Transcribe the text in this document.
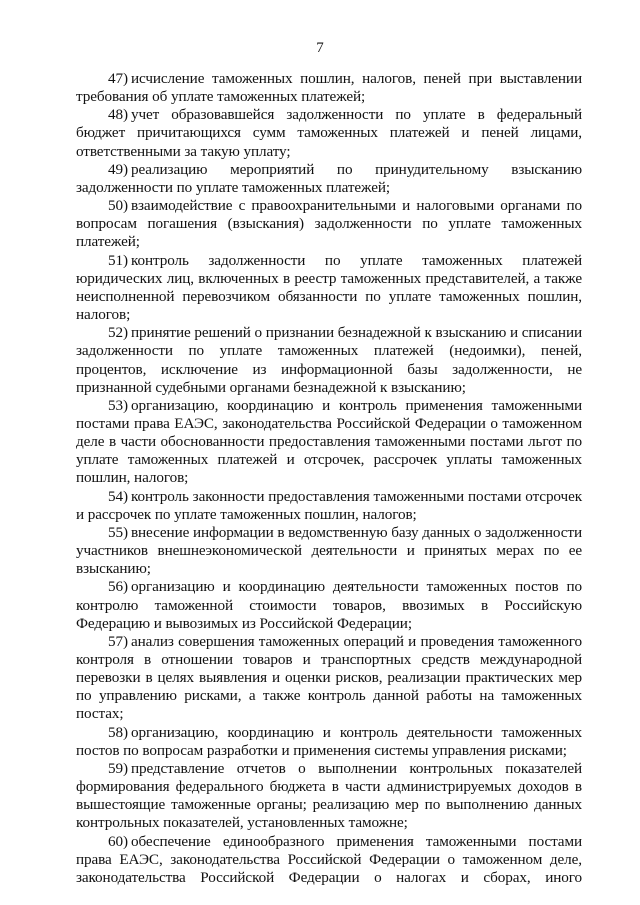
7

47) исчисление таможенных пошлин, налогов, пеней при выставлении требования об уплате таможенных платежей;

48) учет образовавшейся задолженности по уплате в федеральный бюджет причитающихся сумм таможенных платежей и пеней лицами, ответственными за такую уплату;

49) реализацию мероприятий по принудительному взысканию задолженности по уплате таможенных платежей;

50) взаимодействие с правоохранительными и налоговыми органами по вопросам погашения (взыскания) задолженности по уплате таможенных платежей;

51) контроль задолженности по уплате таможенных платежей юридических лиц, включенных в реестр таможенных представителей, а также неисполненной перевозчиком обязанности по уплате таможенных пошлин, налогов;

52) принятие решений о признании безнадежной к взысканию и списании задолженности по уплате таможенных платежей (недоимки), пеней, процентов, исключение из информационной базы задолженности, не признанной судебными органами безнадежной к взысканию;

53) организацию, координацию и контроль применения таможенными постами права ЕАЭС, законодательства Российской Федерации о таможенном деле в части обоснованности предоставления таможенными постами льгот по уплате таможенных платежей и отсрочек, рассрочек уплаты таможенных пошлин, налогов;

54) контроль законности предоставления таможенными постами отсрочек и рассрочек по уплате таможенных пошлин, налогов;

55) внесение информации в ведомственную базу данных о задолженности участников внешнеэкономической деятельности и принятых мерах по ее взысканию;

56) организацию и координацию деятельности таможенных постов по контролю таможенной стоимости товаров, ввозимых в Российскую Федерацию и вывозимых из Российской Федерации;

57) анализ совершения таможенных операций и проведения таможенного контроля в отношении товаров и транспортных средств международной перевозки в целях выявления и оценки рисков, реализации практических мер по управлению рисками, а также контроль данной работы на таможенных постах;

58) организацию, координацию и контроль деятельности таможенных постов по вопросам разработки и применения системы управления рисками;

59) представление отчетов о выполнении контрольных показателей формирования федерального бюджета в части администрируемых доходов в вышестоящие таможенные органы; реализацию мер по выполнению данных контрольных показателей, установленных таможне;

60) обеспечение единообразного применения таможенными постами права ЕАЭС, законодательства Российской Федерации о таможенном деле, законодательства Российской Федерации о налогах и сборах, иного
